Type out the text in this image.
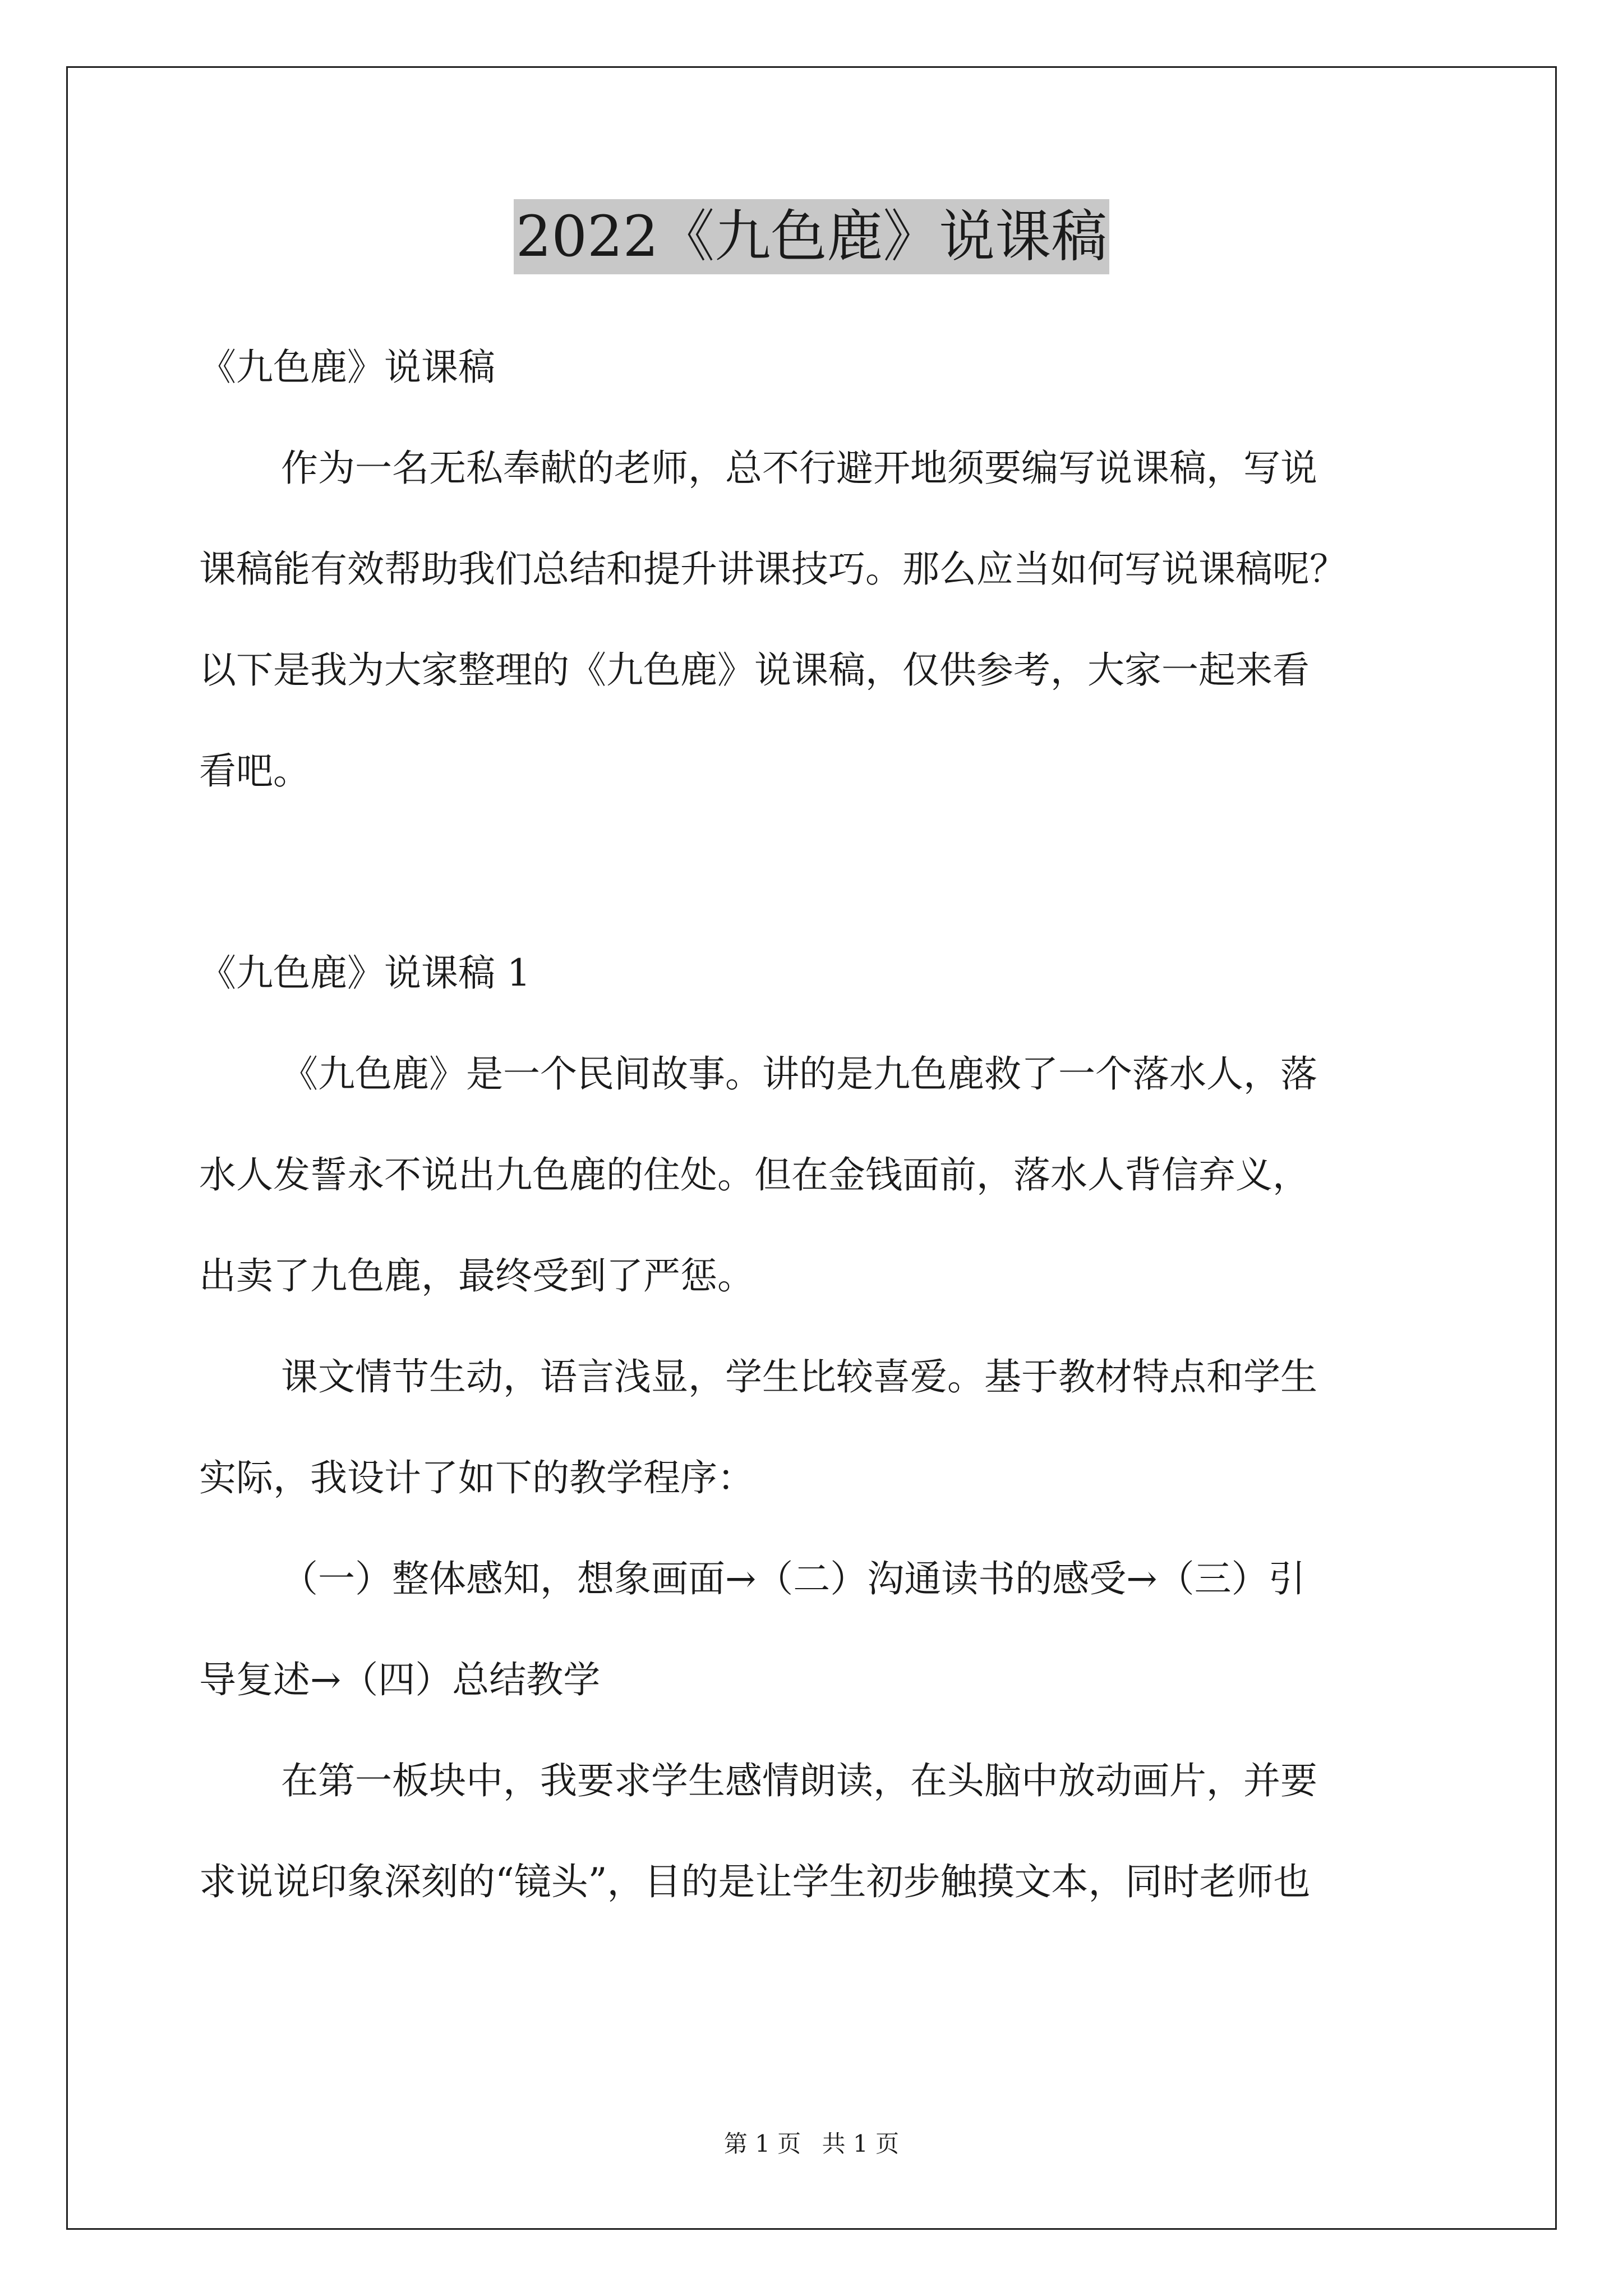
2022《九色鹿》说课稿
《九色鹿》说课稿
作为一名无私奉献的老师，总不行避开地须要编写说课稿，写说
课稿能有效帮助我们总结和提升讲课技巧。那么应当如何写说课稿呢？
以下是我为大家整理的《九色鹿》说课稿，仅供参考，大家一起来看
看吧。
《九色鹿》说课稿 1
《九色鹿》是一个民间故事。讲的是九色鹿救了一个落水人，落
水人发誓永不说出九色鹿的住处。但在金钱面前，落水人背信弃义，
出卖了九色鹿，最终受到了严惩。
课文情节生动，语言浅显，学生比较喜爱。基于教材特点和学生
实际，我设计了如下的教学程序：
（一）整体感知，想象画面→（二）沟通读书的感受→（三）引
导复述→（四）总结教学
在第一板块中，我要求学生感情朗读，在头脑中放动画片，并要
求说说印象深刻的“镜头”，目的是让学生初步触摸文本，同时老师也
第 1 页 共 1 页
